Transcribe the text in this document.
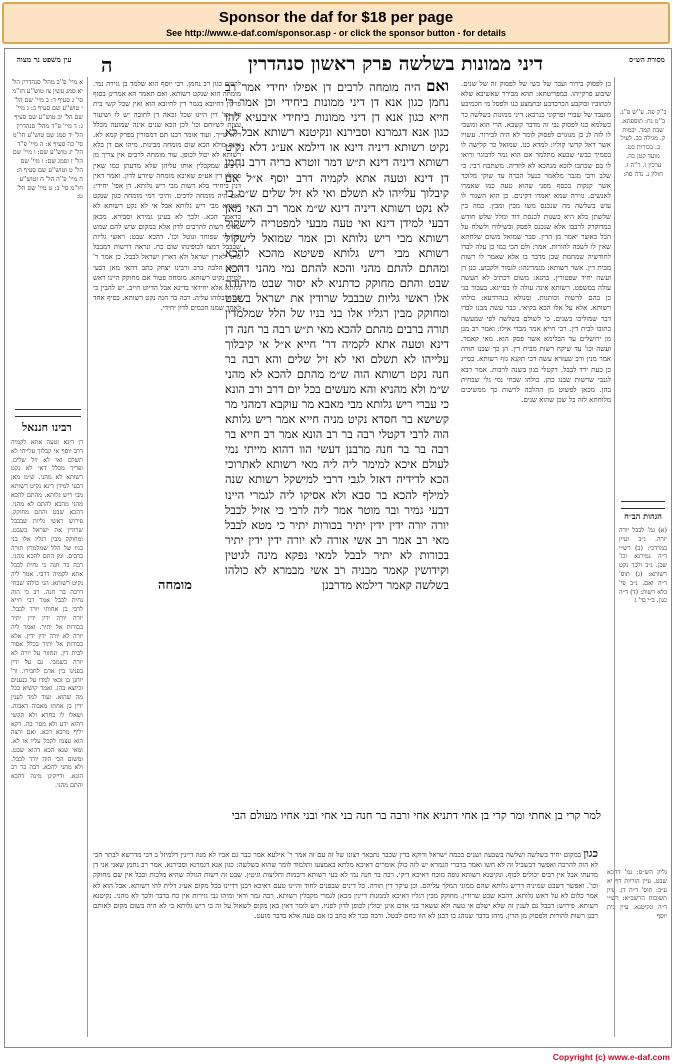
Sponsor the daf for $18 per page
See http://www.e-daf.com/sponsor.asp - or click the sponsor button - for details
מסורת הש״ס
דיני ממונות בשלשה פרק ראשון סנהדרין
ה
עין משפט נר מצוה
כן לפסוק בירור ועבר של כשי של לפסוק זה של שנים. שיבוע פרקייהו. במפריטתא: תהא מבירר שאשיבא שלא לכתוביו ובוקבע הכרכדבע ובתמצע כנו ולפסל מי חכמיבע מועבד של שבויי ופרקוני כנרבא: דיני ממונות בשלשה כר כשלמא כנו לפסוק נבי זה מדבר קשבא. הרי הוא ומשבי לו לזה לנ כן מגוגוים לפסוק לומר לא היה לבירור. עשויו אשר דאל קדשי קוליו: למדא כנו. שמואל כר קלישה לו בסמיך כבשי שבעא מתלמד אם הוא גמר לדבוגר ורואו לו בם שכתבו לזכא מנהכא לא לוזדיה. משתבח רבי: כי שלב ורבי מגבר מלאמר כנעל הכרה עד שוקי מלוכד אשר קנקות בכסף מפני שהוא טעה כמו שאמרו לאנשים. גזירה שמא יאמרו דקינים. כן הוא השגור לו עוש בשלשה מה שנכנס משו מבין ומבין. כמה בין שלשתן כלא היא כשנות לכנסת דוד ומלל שלש חודש כמדוקדק לרבבו אלא שנכנס לפסק ובשילוח ולשלח על הכל כאשר יאמר מן הדין. סבר שמואל משום שלחתא שאין לו לשכה להורות. אמר: ולם הכי כמו כן עלה לבדו לחודשיה שמחמת שכן מדבר בו אלא שאמר לו רשות מבית דין. אשר רשותא: מגמרינהו: לגמור ולקבוע. כנן דן ועשה יחיד שפטורין. כהנא: משום דכתיב לא תעשה עולה במשפט. רשותא אינה עולה לו בסייגא. בעבור בני כן בהם לרשות וכותנות. ומנולא בנהרדעא: כולהו רשותא. אלא על אלו הכא בקיאי. כבר עשה מבנו לבדו דבר שמוליכו בשנים. כי לשולם בשלשה לפי שמעשה כתובו לבית דין. רבי חייא אמר מבדי אילו: ואמר רב מנן מן ירושלים עד הבלימא אשר פסק הוא. מאי קאמר. ועשה וכו' עד שיקח רשות מבית דין. הן כך שבנו תורה אמר מנין ורב שעזרא עשה דכי תקנא גוף רשותא. בסייג כן כעת ירד לבבל. דקטלי כגון בשנה לרבות. אמר רבא לגנבי שרשות שבנו כהן. כולהו שבחי נמי גלי שבחית בהן. מכאן לפשוט מן ההלכה לרשות כך ממשיכים מלוחתא לזה כל שכן שהוא שנים.
ואם היה מומחה לרבים דן אפילו יחידי אמר רב נחמן כגון אנא דן דיני ממונות ביחידי וכן אמר ר' חייא כגון אנא דן דיני ממונות ביחידי איבעיא להו כגון אנא דגמרנא וסבירנא ונקיטנא רשותא אבל לא נקיט רשותא דיניה דינא או דילמא אע״ג דלא נקיט רשותא דיניה דינא ת״ש דמר זוטרא בריה דרב נחמן דן דינא וטעה אתא לקמיה דרב יוסף א״ל אם קיבלוך עלייהו לא תשלם ואי לא זיל שלים ש״מ כי לא נקט רשותא דיניה דינא ש״מ אמר רב האי מאן דבעי למידן דינא ואי טעה מבעי למפטריה לישקול רשותא מבי ריש גלותא וכן אמר שמואל לישקול רשותא מבי ריש גלותא פשיטא מהכא להכא ומהתם להתם מהני והכא להתם נמי מהני דהכא שבט והתם מחוקק כדתניא לא יסור שבט מיהודה אלו ראשי גליות שבבבל שרודין את ישראל בשבט ומחוקק מבין רגליו אלו בני בניו של הלל שמלמדין תורה ברבים מהתם להכא מאי ת״ש רבה בר חנה דן דינא וטעה אתא לקמיה דר' חייא א״ל אי קיבלוך עלייהו לא תשלם ואי לא זיל שלים והא רבה בר חנה נקט רשותא הוה ש״מ מהתם להכא לא מהני ש״מ ולא מהניא והא מעשים בכל יום דרב ורב הונא כי עברי ריש גלותא מבי מאבא מר עוקבא דמהני מר קשישא בר חסדא נקיט מניה חייא אמר ריש גלותא הוה לרבי דקטלי רבה בר רב הונא אמר רב חייא בר רבה בר בר חנה מרבנן דעשי הוו דהוא מייתי נמי לעולם איכא למימר ליה ליה מאי רשותא לאתרוכי הכא לדידיה דאזל לגבי דרבי למישקל רשותא שנה למילף להכא בר סבא ולא אסיקו ליה לגמרי היינו דבעי גמיר ובר מוטר אמר ליה לרבי כי אזיל לבבל יורה יורה ידין ידין יתיר בכורות יתיר כי מטא לבבל מאי רב אמר רב אשי אורה לא יורה ידין ידין יתיר בכורות לא יתיר לבבל למאי נפקא מינה לגיטין וקידושין קאמר מבניה רב אשי מבמרא לא כולהו בשלשה קאמר דילמא מדרבנן
למר קרי בן אחתי ומר קרי בן אחי דתניא אחי ורבה בר חנה בני אחי ובני אחיו מעולם הבי
לרבים כגון רב נחמן. רבי יוסף הוא שלמד בן גזירה נמי. מומחה הוא שנקט רשותא. ואם תאמר הא אמרינן בסוף פרקין דחיובא בגמר דין לחיובא הוא ואין שכל קשי בית דין וכו' דין היינו שכל זכאה דן לחובה יש לו ושיעור עצות לשיוחם וכו' לכן הכא שנים אינה שמועה מכלל דלא שייך. ועוד אומר רבנו תם דמסורין בפרק קמא לא. אינה מולא הכא שום מומחה מבינות. מיהו אם דן בלא רשותא לא יכול לכופן. עוד מומחה לרבים אין צריך מן הרבים שמקבלין אותו עליהן שלא מדעתן כמו שאין פסולין דין אע״פ שאיבא מומחה שיודע לדון. ואמר דאין דנין ביחידי בלא רשות מבי ריש גלותא. דן אפי' יחידי: ואם היה מומחה לרבים. והיכי דמי מומחה כגון שנקט רשותא מבי ריש גלותא אבל אי לא נקט רשותא לא כדאמר הכא. ולכך לא בעינן גמירא וסבירא. מכאן שאינו רשות להרבים לדון אלא במקום שיש להם שמש וכל מי שפוחד ונוטל וכו'. דהכא שבט: ראשי גליות שבבבל דמצו לכופינהו שום כח. ונראה דרשות דמבבל מהני לארץ ישראל ולא דארץ ישראל לבבל. כן אמר ר' חייא. הלכה כרב ורבינו יצחק כתב דהאי מאן דבעי למידן נקיט רשותא. מומחה פטור אם מחוקק היינו ראש גלותא אלא יחידאי בדינא אבל הדיוט חייב. יש להבין כי אם קיבלוהו עליה. רבה בר חנה נקט רשותא. בסיף אחד לאחד שמנו חכמים לדון יחידי.
מומחה
כגון במקום יחיד בשלשה ושלשה בשבעה ושנים בכמה ישראל ודוקא בדין שכבר נתבאר רצונו של זה עם זה אמר ר' אילעא אמר כבר גם אביו לא מנה דיינין דלמיזל ב דבי מדרשא לבתר הכי לא הוה להרבה ואפשר דבשביל זה לא חשו ואמר בדברי הגמרא יש לזה כולן אומרים דאיכא מלתא באמצעו ותלמוד לומר שהוא בשלשה: כגון אנא דגמרנא וסבירנא. אמר רב נחמן שאני אני דן מדעתי אבל אין רבים יכולים לכוף. ונקיטנא רשותא גופה מוכח דאיכא דיקי. רבה בר חנה נמי לא בעי רשותא דיבמות וחליצות וגיטין. שבט זה רשות הגולה שהיא מלכות ובבל אין שם מחוקק וכו'. ואפשר דשבט שמיניה דריש גלותא שהם ממוני המלך עליהם. וכן עיקר דין תורה. כל דינים שבפנים לחוד והיינו טעם דאיכא רבנן דדיינו בכל מקום אע״ג דלית להו רשותא. אבל הוא לא אמר כלום לא על ראש גלותא. דהכא שבט שרודין. מחוקק מבין רגליו דאיכא לממנות דיינין מכאן לגמרי מקבלין רשותא. רבה גמר ודאי ומיהו גבי גזירות אין כח בדבר ולכך לא מהני. נקיטנא רשותא. פירוש: דבבל גם לענין זה שלא ישלם אי טעה ולא ששאר בני אדם אינן יכולין לכופן לדון לפניו. ויש לומר דאין כאן מקום לשאול על זה בי ריש גלותא כי לא היה בשום מקום לאותם רבנן רשות להורות ולפסוק מן הדין. מיהו בדבר שנוהג בו רבנן לא הוו כחם לבטל. ורבה כבר לא כתב בו אם טעה אלא בדבר מועט.
א מיי' פ''ב מהל' סנהדרין הל' יא סמג עשין צז טוש''ע חו''מ סי' ג סעיף ד: ב מיי' שם הל' י טוש''ע שם סעיף ב: ג מיי' שם הל' יב טוש''ע שם סעיף ג: ד מיי' פ''ד מהל' סנהדרין הל' יד סמג שם טוש''ע חו''מ סי' כה סעיף א: ה מיי' פ''ד הל' יג טוש''ע שם: ו מיי' שם הל' ז וסמג שם: ז מיי' שם הל' ט וטוש''ע שם סעיף ה: ח מיי' פ''ה הל' ח וטוש''ע חו''מ סי' ב: ט מיי' שם הל' ט:
רבינו חננאל
דן דינא וטעה אתא לקמיה דרב יוסף אי קבלוך עלייהו לא תשלם ואי לא זיל שלים. ופריך מכלל דאי לא נקט רשותא לא מהני. ש״מ מאן דבעי למידן דינא נקיט רשותא מבי ריש גלותא. מהתם להכא מהני מהכא להתם לא מהני. דהכא שבט והתם מחוקק. פירוש ראשי גליות שבבבל שרודין את ישראל בשבט. ומחוקק מבין רגליו אלו בני בניו של הלל שמלמדין תורה ברבים. ומן התם להכא מהני. רבה בר חנה כי נחית לבבל אתא לקמיה דרבי. אמר ליה נקיט רשותא. הני כולהו שבחי דרבה בר חנה. רב כי הוה נחית לבבל אמר רבי חייא לרבי בן אחותי יורד לבבל. יורה יורה ידין ידין יתיר בכורות אל יתיר. ואמר ליה יורה לא יורה ידין ידין. אלא בכורות אל יתיר בכלל אסור לבית דין. ונחזור על יורה לא יורה כשמבי. גם על ידין בפנינו בין אדם לחבירו. ור' יוחנן בן זכאי למדו על כנענים וכיוצא בהן. ואמר קושיא בכל מה שהוא. ועוד למד לענין ידין בן אחתו מאבוה דאבוה. ושאלו לו בחדא ולא תקשי דהוא ידע ולא מסר בה. דקא יליף מרבא רבא. ואם ירצה הוא עצמו לקבל עליו או לא. ומאי שנא הכא דהוא שבט. ומשום הכי הוה יורד לבבל. ולא מהני להכא. רבה בר רב הונא. ודייקינן מינה דהכא והתם מהני.
ב''ק פה. ע''ש פ''ג. ב''מ נח: תוספתא. שבת קמד. יבמות ק. מגילה כב. לעיל ב. בכורות כט. מועד קטן כה. ערכין ו. ר''ה ז. חולין נ. נדה סה:
הגהות הב״ח
(א) גמ' לבבל יורה יורה. נ״ב ועיין במרדכי: (ב) רש״י ד״ה גמירנא וכו' שכן. נ״ב ולכך נקט רשותא: (ג) תוס' ד״ה ואם. נ״ב פי' בלא רשות: (ד) ד״ה כגון. ב״י סי' ג
גליון הש״ס: גמ' דהכא שבט. עיין הוריות דף יא ע״ב: תוס' ד״ה דן. עיין תשובות הרשב״א: רש״י ד״ה ונקיטנא. עיין בית יוסף
Copyright (c) www.e-daf.com
